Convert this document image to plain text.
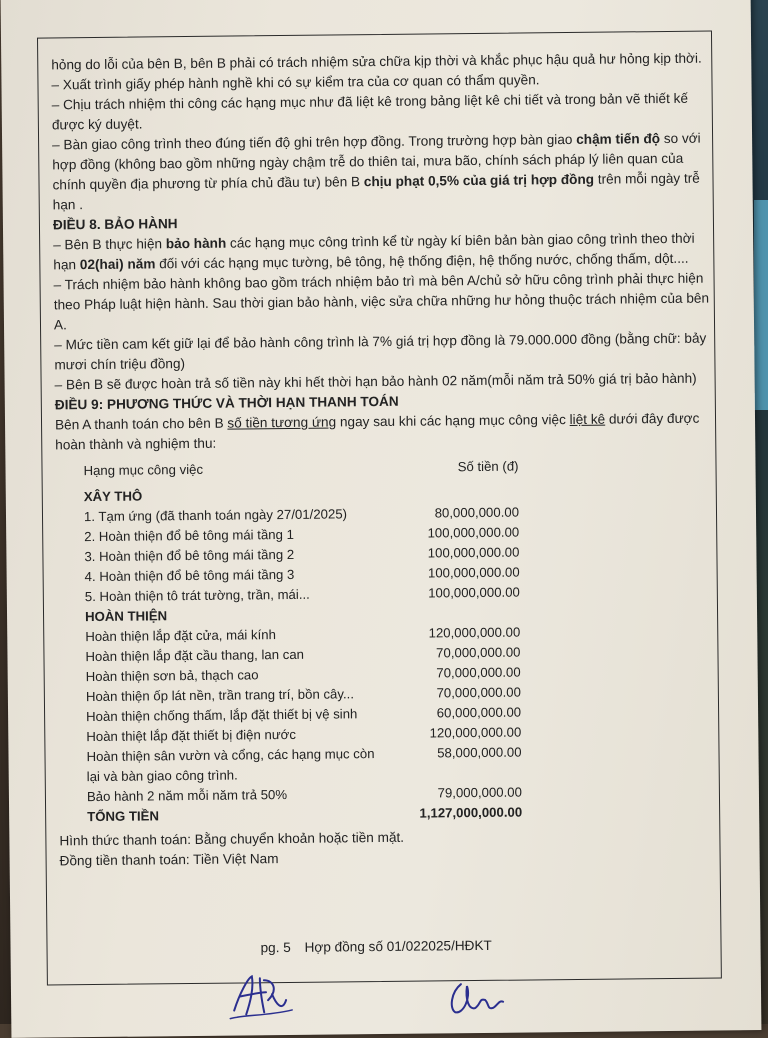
hỏng do lỗi của bên B, bên B phải có trách nhiệm sửa chữa kịp thời và khắc phục hậu quả hư hỏng kịp thời.

– Xuất trình giấy phép hành nghề khi có sự kiểm tra của cơ quan có thẩm quyền.

– Chịu trách nhiệm thi công các hạng mục như đã liệt kê trong bảng liệt kê chi tiết và trong bản vẽ thiết kế được ký duyệt.

– Bàn giao công trình theo đúng tiến độ ghi trên hợp đồng. Trong trường hợp bàn giao chậm tiến độ so với hợp đồng (không bao gồm những ngày chậm trễ do thiên tai, mưa bão, chính sách pháp lý liên quan của chính quyền địa phương từ phía chủ đầu tư) bên B chịu phạt 0,5% của giá trị hợp đồng trên mỗi ngày trễ hạn .

ĐIỀU 8. BẢO HÀNH

– Bên B thực hiện bảo hành các hạng mục công trình kể từ ngày kí biên bản bàn giao công trình theo thời hạn 02(hai) năm đối với các hạng mục tường, bê tông, hệ thống điện, hệ thống nước, chống thấm, dột....

– Trách nhiệm bảo hành không bao gồm trách nhiệm bảo trì mà bên A/chủ sở hữu công trình phải thực hiện theo Pháp luật hiện hành. Sau thời gian bảo hành, việc sửa chữa những hư hỏng thuộc trách nhiệm của bên A.

– Mức tiền cam kết giữ lại để bảo hành công trình là 7% giá trị hợp đồng là 79.000.000 đồng (bằng chữ: bảy mươi chín triệu đồng)

– Bên B sẽ được hoàn trả số tiền này khi hết thời hạn bảo hành 02 năm(mỗi năm trả 50% giá trị bảo hành)

ĐIỀU 9: PHƯƠNG THỨC VÀ THỜI HẠN THANH TOÁN

Bên A thanh toán cho bên B số tiền tương ứng ngay sau khi các hạng mục công việc liệt kê dưới đây được hoàn thành và nghiệm thu:

Hạng mục công việc	Số tiền (đ)
XÂY THÔ	
1. Tạm ứng (đã thanh toán ngày 27/01/2025)	80,000,000.00
2. Hoàn thiện đổ bê tông mái tầng 1	100,000,000.00
3. Hoàn thiện đổ bê tông mái tầng 2	100,000,000.00
4. Hoàn thiện đổ bê tông mái tầng 3	100,000,000.00
5. Hoàn thiện tô trát tường, trần, mái...	100,000,000.00
HOÀN THIỆN	
Hoàn thiện lắp đặt cửa, mái kính	120,000,000.00
Hoàn thiện lắp đặt cầu thang, lan can	70,000,000.00
Hoàn thiện sơn bả, thạch cao	70,000,000.00
Hoàn thiện ốp lát nền, trần trang trí, bồn cây...	70,000,000.00
Hoàn thiện chống thấm, lắp đặt thiết bị vệ sinh	60,000,000.00
Hoàn thiệt lắp đặt thiết bị điện nước	120,000,000.00
Hoàn thiện sân vườn và cổng, các hạng mục còn	58,000,000.00
lại và bàn giao công trình.	
Bảo hành 2 năm mỗi năm trả 50%	79,000,000.00
TỔNG TIỀN	1,127,000,000.00

Hình thức thanh toán: Bằng chuyển khoản hoặc tiền mặt.

Đồng tiền thanh toán: Tiền Việt Nam

pg. 5 Hợp đồng số 01/022025/HĐKT
